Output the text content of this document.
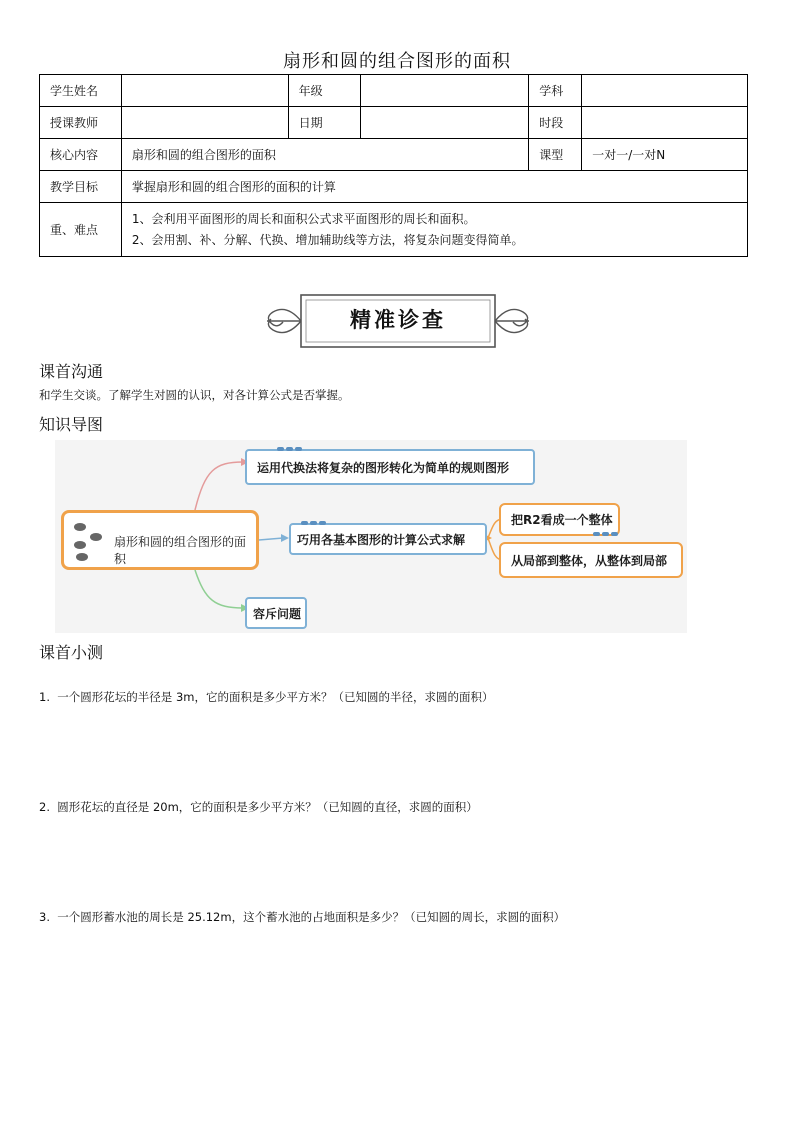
扇形和圆的组合图形的面积
学生姓名		年级		学科	
授课教师		日期		时段	
核心内容	扇形和圆的组合图形的面积			课型	一对一/一对N
教学目标	掌握扇形和圆的组合图形的面积的计算				
重、难点	1、会利用平面图形的周长和面积公式求平面图形的周长和面积。
2、会用割、补、分解、代换、增加辅助线等方法，将复杂问题变得简单。				
精准诊查
课首沟通
和学生交谈。了解学生对圆的认识，对各计算公式是否掌握。
知识导图
扇形和圆的组合图形的面积
运用代换法将复杂的图形转化为简单的规则图形
巧用各基本图形的计算公式求解
把R2看成一个整体
从局部到整体，从整体到局部
容斥问题
课首小测
1. 一个圆形花坛的半径是 3m，它的面积是多少平方米？（已知圆的半径，求圆的面积）
2. 圆形花坛的直径是 20m，它的面积是多少平方米？（已知圆的直径，求圆的面积）
3. 一个圆形蓄水池的周长是 25.12m，这个蓄水池的占地面积是多少？（已知圆的周长，求圆的面积）
